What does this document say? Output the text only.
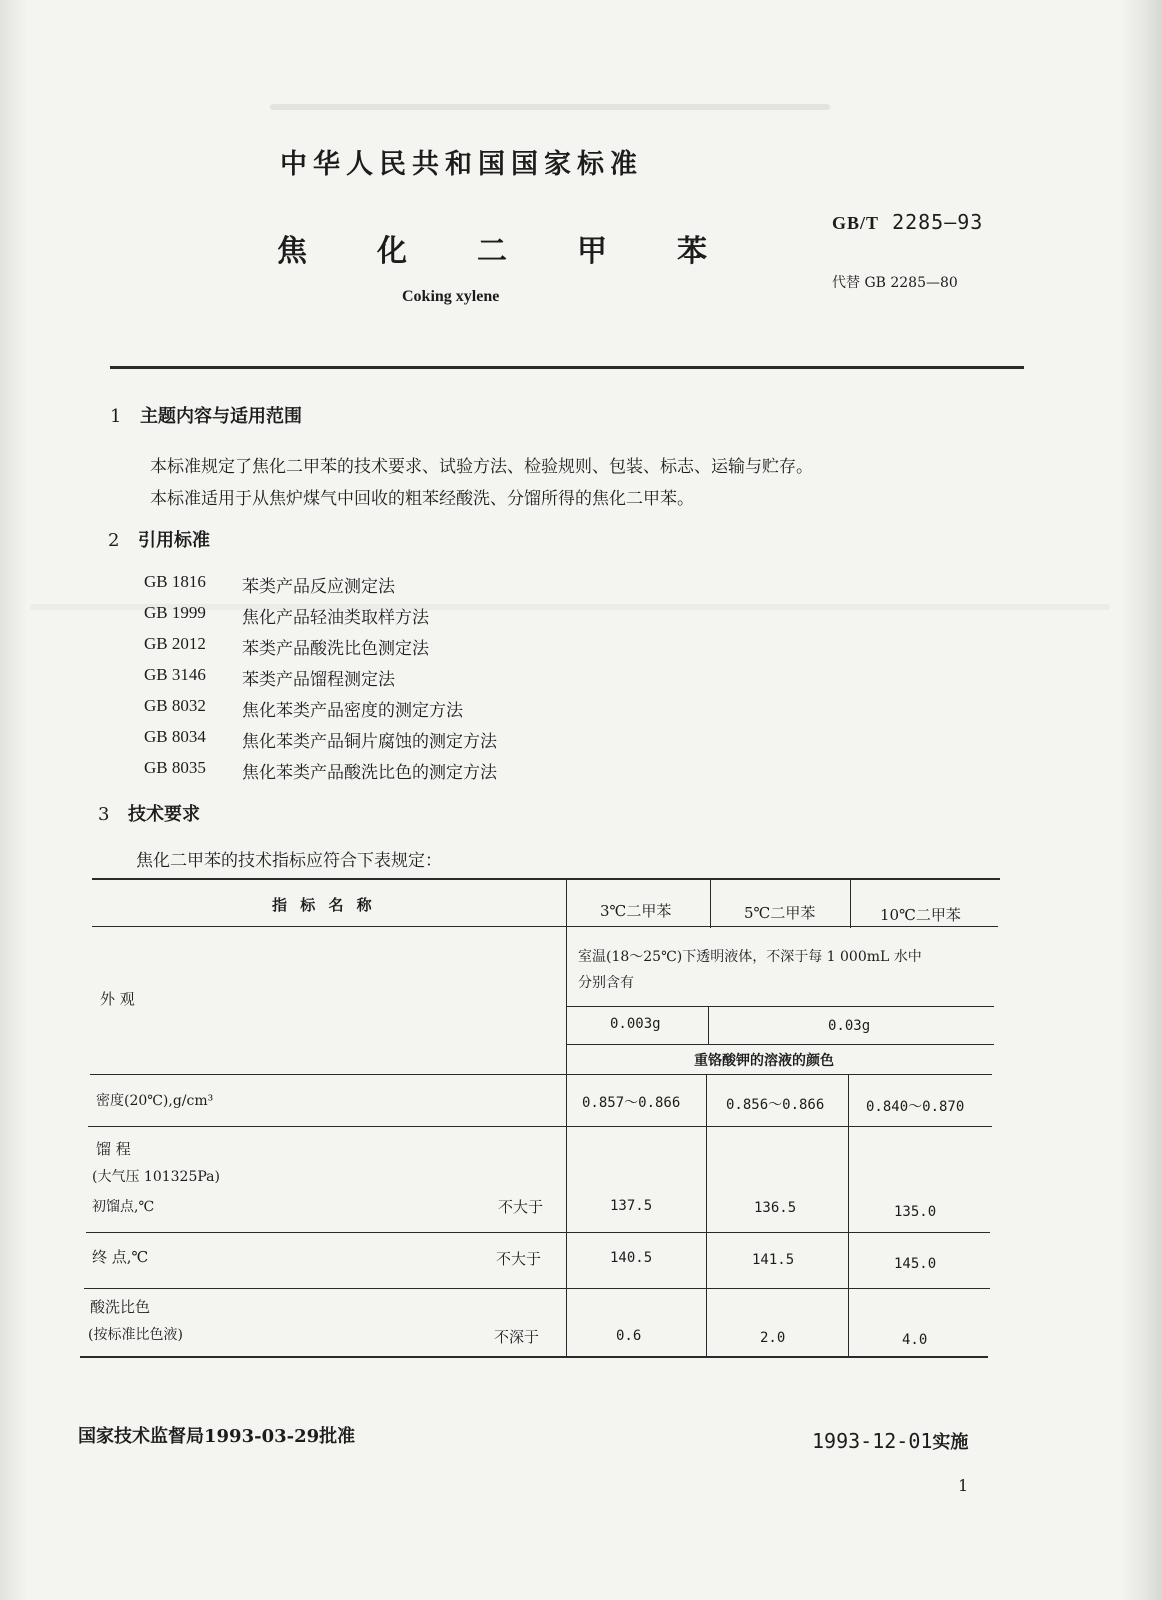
中华人民共和国国家标准
焦	化	二	甲	苯
Coking xylene
GB/T 2285—93
代替 GB 2285—80
1 主题内容与适用范围
本标准规定了焦化二甲苯的技术要求、试验方法、检验规则、包装、标志、运输与贮存。
本标准适用于从焦炉煤气中回收的粗苯经酸洗、分馏所得的焦化二甲苯。
2 引用标准
GB 1816	苯类产品反应测定法
GB 1999	焦化产品轻油类取样方法
GB 2012	苯类产品酸洗比色测定法
GB 3146	苯类产品馏程测定法
GB 8032	焦化苯类产品密度的测定方法
GB 8034	焦化苯类产品铜片腐蚀的测定方法
GB 8035	焦化苯类产品酸洗比色的测定方法
3 技术要求
焦化二甲苯的技术指标应符合下表规定：
指 标 名 称	3℃二甲苯	5℃二甲苯	10℃二甲苯
外 观
室温(18～25℃)下透明液体，不深于每 1 000mL 水中
分别含有
0.003g	0.03g
重铬酸钾的溶液的颜色
密度(20℃),g/cm³	0.857～0.866	0.856～0.866	0.840～0.870
馏 程
(大气压 101325Pa)
初馏点,℃	不大于	137.5	136.5	135.0
终 点,℃	不大于	140.5	141.5	145.0
酸洗比色
(按标准比色液)	不深于	0.6	2.0	4.0
国家技术监督局1993-03-29批准	1993-12-01实施
1
